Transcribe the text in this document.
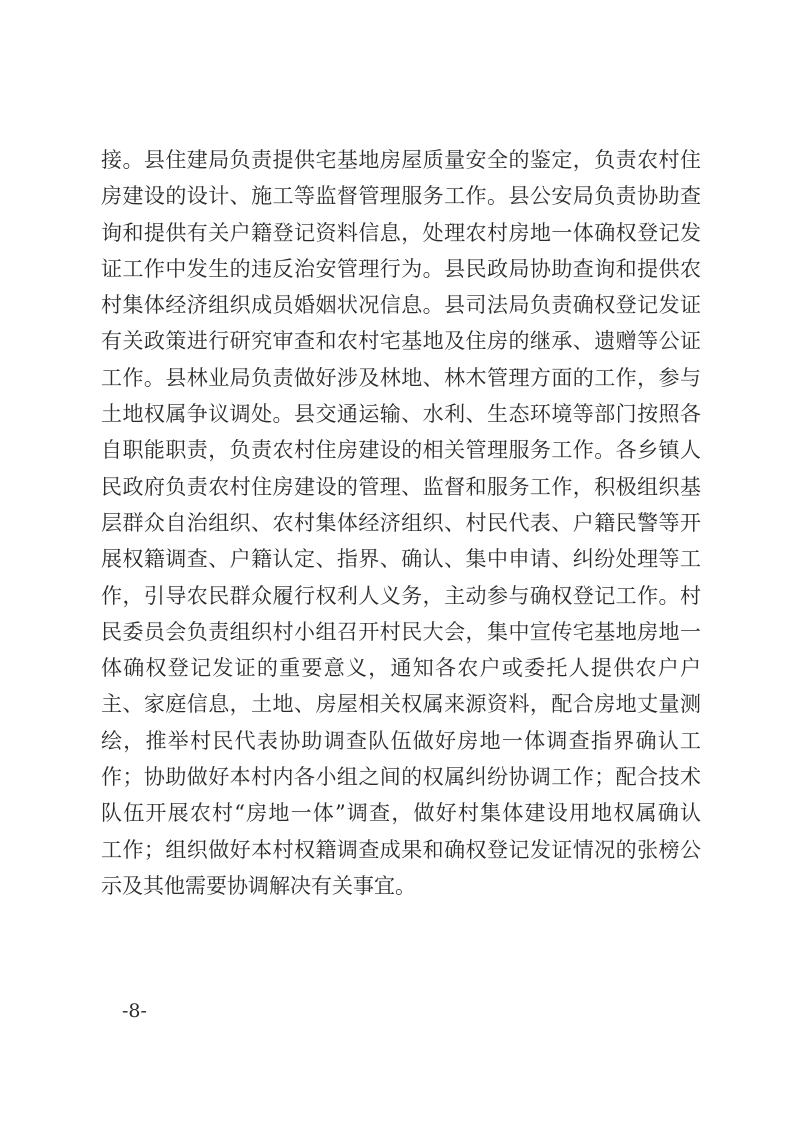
接。县住建局负责提供宅基地房屋质量安全的鉴定，负责农村住
房建设的设计、施工等监督管理服务工作。县公安局负责协助查
询和提供有关户籍登记资料信息，处理农村房地一体确权登记发
证工作中发生的违反治安管理行为。县民政局协助查询和提供农
村集体经济组织成员婚姻状况信息。县司法局负责确权登记发证
有关政策进行研究审查和农村宅基地及住房的继承、遗赠等公证
工作。县林业局负责做好涉及林地、林木管理方面的工作，参与
土地权属争议调处。县交通运输、水利、生态环境等部门按照各
自职能职责，负责农村住房建设的相关管理服务工作。各乡镇人
民政府负责农村住房建设的管理、监督和服务工作，积极组织基
层群众自治组织、农村集体经济组织、村民代表、户籍民警等开
展权籍调查、户籍认定、指界、确认、集中申请、纠纷处理等工
作，引导农民群众履行权利人义务，主动参与确权登记工作。村
民委员会负责组织村小组召开村民大会，集中宣传宅基地房地一
体确权登记发证的重要意义，通知各农户或委托人提供农户户
主、家庭信息，土地、房屋相关权属来源资料，配合房地丈量测
绘，推举村民代表协助调查队伍做好房地一体调查指界确认工
作；协助做好本村内各小组之间的权属纠纷协调工作；配合技术
队伍开展农村“房地一体”调查，做好村集体建设用地权属确认
工作；组织做好本村权籍调查成果和确权登记发证情况的张榜公
示及其他需要协调解决有关事宜。

-8-
